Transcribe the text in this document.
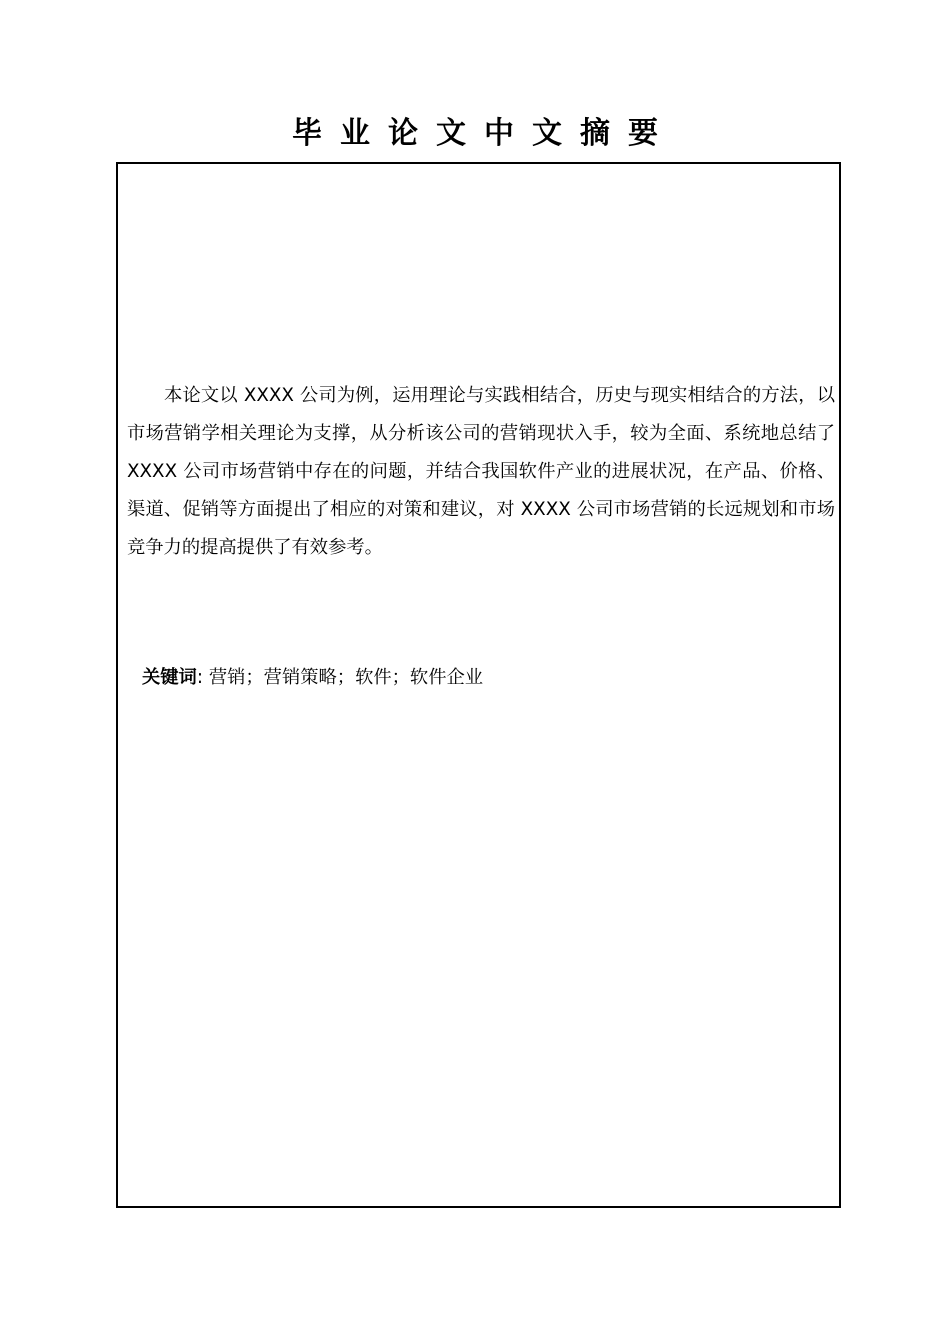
毕业论文中文摘要

本论文以 XXXX 公司为例，运用理论与实践相结合，历史与现实相结合的方法，以市场营销学相关理论为支撑，从分析该公司的营销现状入手，较为全面、系统地总结了 XXXX 公司市场营销中存在的问题，并结合我国软件产业的进展状况，在产品、价格、渠道、促销等方面提出了相应的对策和建议，对 XXXX 公司市场营销的长远规划和市场竞争力的提高提供了有效参考。

关键词: 营销；营销策略；软件；软件企业
